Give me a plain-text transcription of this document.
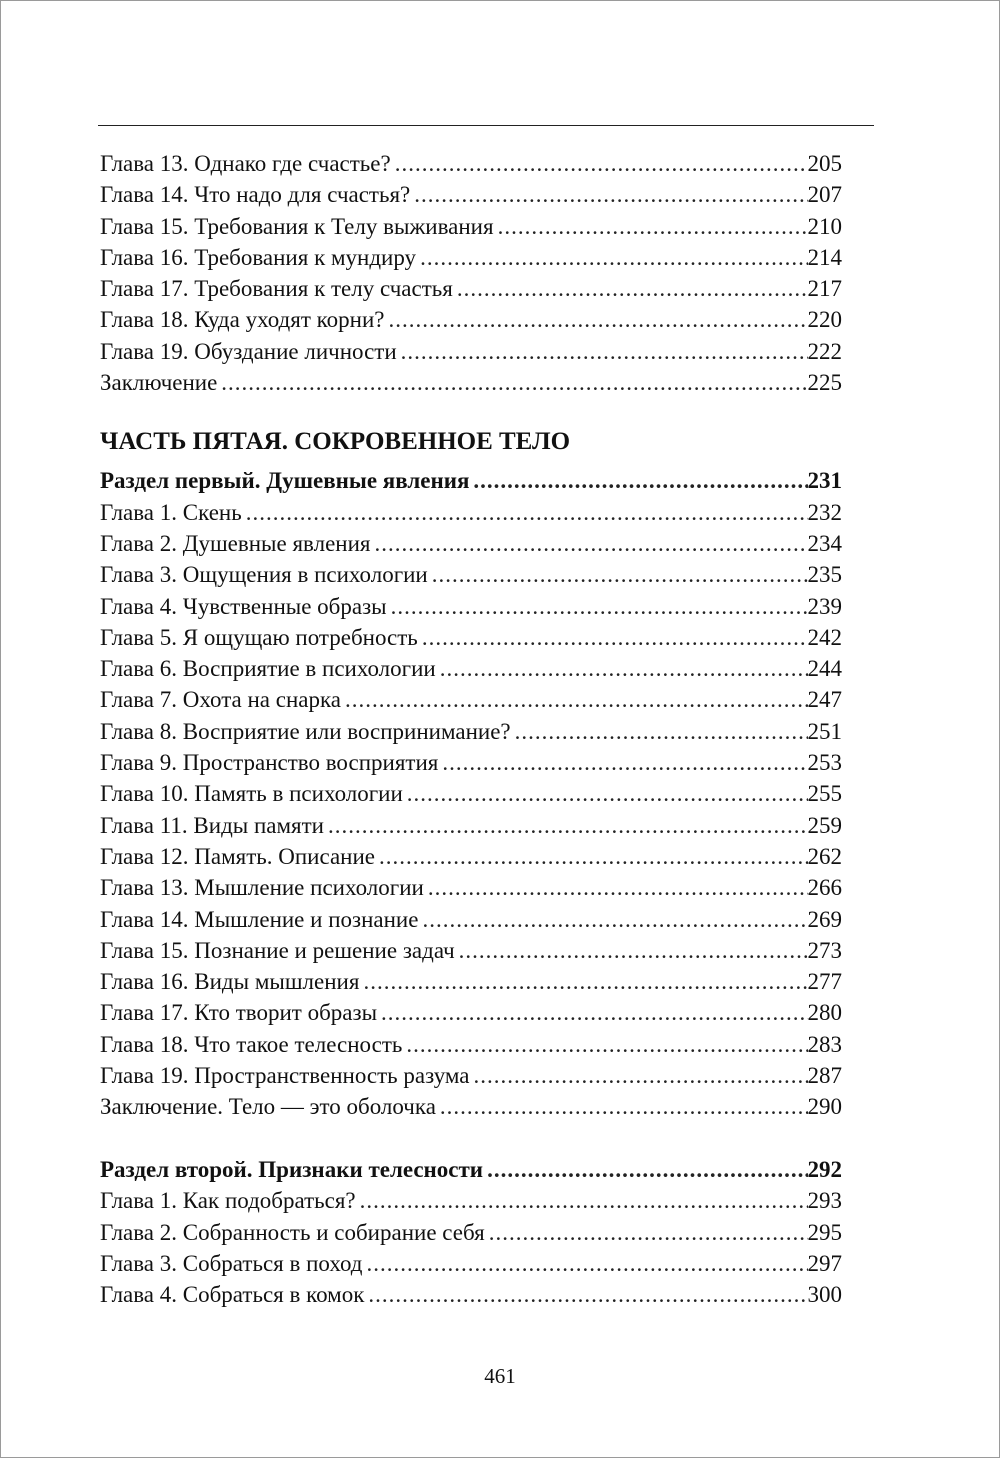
Глава 13. Однако где счастье? .....	205
Глава 14. Что надо для счастья? .....	207
Глава 15. Требования к Телу выживания .....	210
Глава 16. Требования к мундиру .....	214
Глава 17. Требования к телу счастья .....	217
Глава 18. Куда уходят корни? .....	220
Глава 19. Обуздание личности .....	222
Заключение .....	225
ЧАСТЬ ПЯТАЯ. СОКРОВЕННОЕ ТЕЛО
Раздел первый. Душевные явления .....	231
Глава 1. Скень .....	232
Глава 2. Душевные явления .....	234
Глава 3. Ощущения в психологии .....	235
Глава 4. Чувственные образы .....	239
Глава 5. Я ощущаю потребность .....	242
Глава 6. Восприятие в психологии .....	244
Глава 7. Охота на снарка .....	247
Глава 8. Восприятие или воспринимание? .....	251
Глава 9. Пространство восприятия .....	253
Глава 10. Память в психологии .....	255
Глава 11. Виды памяти .....	259
Глава 12. Память. Описание .....	262
Глава 13. Мышление психологии .....	266
Глава 14. Мышление и познание .....	269
Глава 15. Познание и решение задач .....	273
Глава 16. Виды мышления .....	277
Глава 17. Кто творит образы .....	280
Глава 18. Что такое телесность .....	283
Глава 19. Пространственность разума .....	287
Заключение. Тело — это оболочка .....	290
Раздел второй. Признаки телесности .....	292
Глава 1. Как подобраться? .....	293
Глава 2. Собранность и собирание себя .....	295
Глава 3. Собраться в поход .....	297
Глава 4. Собраться в комок .....	300
461
